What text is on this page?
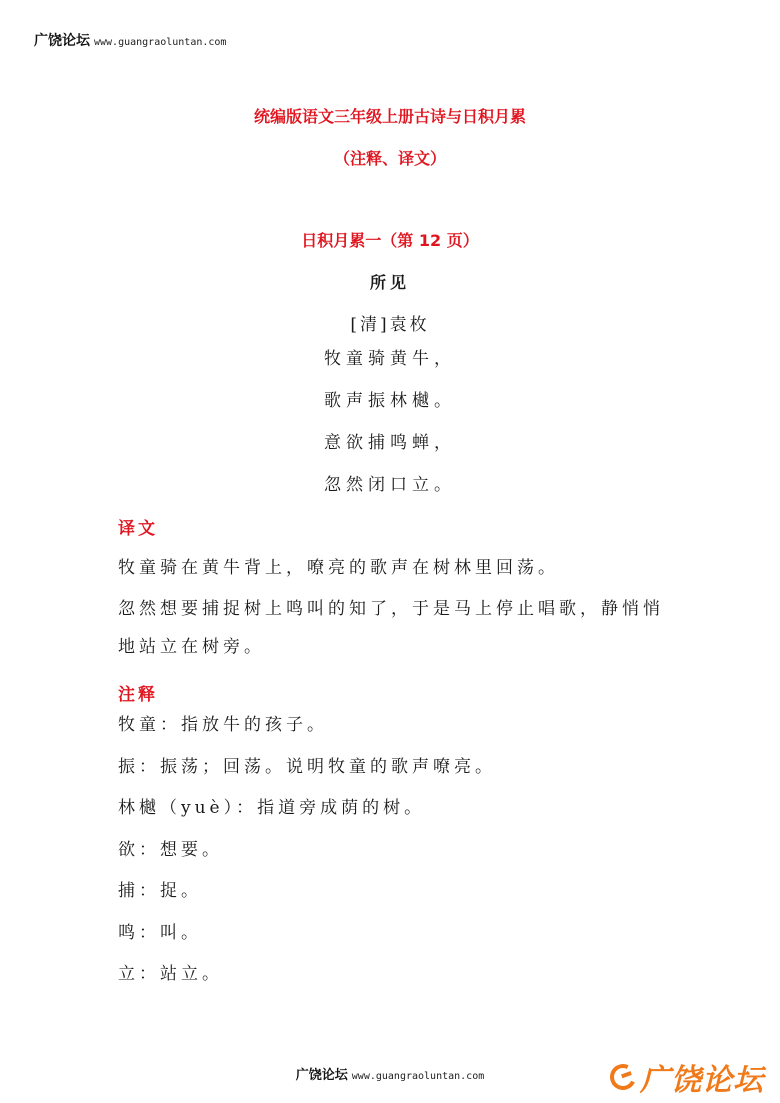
广饶论坛 www.guangraoluntan.com
统编版语文三年级上册古诗与日积月累
（注释、译文）
日积月累一（第 12 页）
所见
[清]袁枚
牧童骑黄牛，
歌声振林樾。
意欲捕鸣蝉，
忽然闭口立。
译文
牧童骑在黄牛背上，嘹亮的歌声在树林里回荡。
忽然想要捕捉树上鸣叫的知了，于是马上停止唱歌，静悄悄地站立在树旁。
注释
牧童：指放牛的孩子。
振：振荡；回荡。说明牧童的歌声嘹亮。
林樾（yuè）：指道旁成荫的树。
欲：想要。
捕：捉。
鸣：叫。
立：站立。
广饶论坛 www.guangraoluntan.com	广饶论坛
